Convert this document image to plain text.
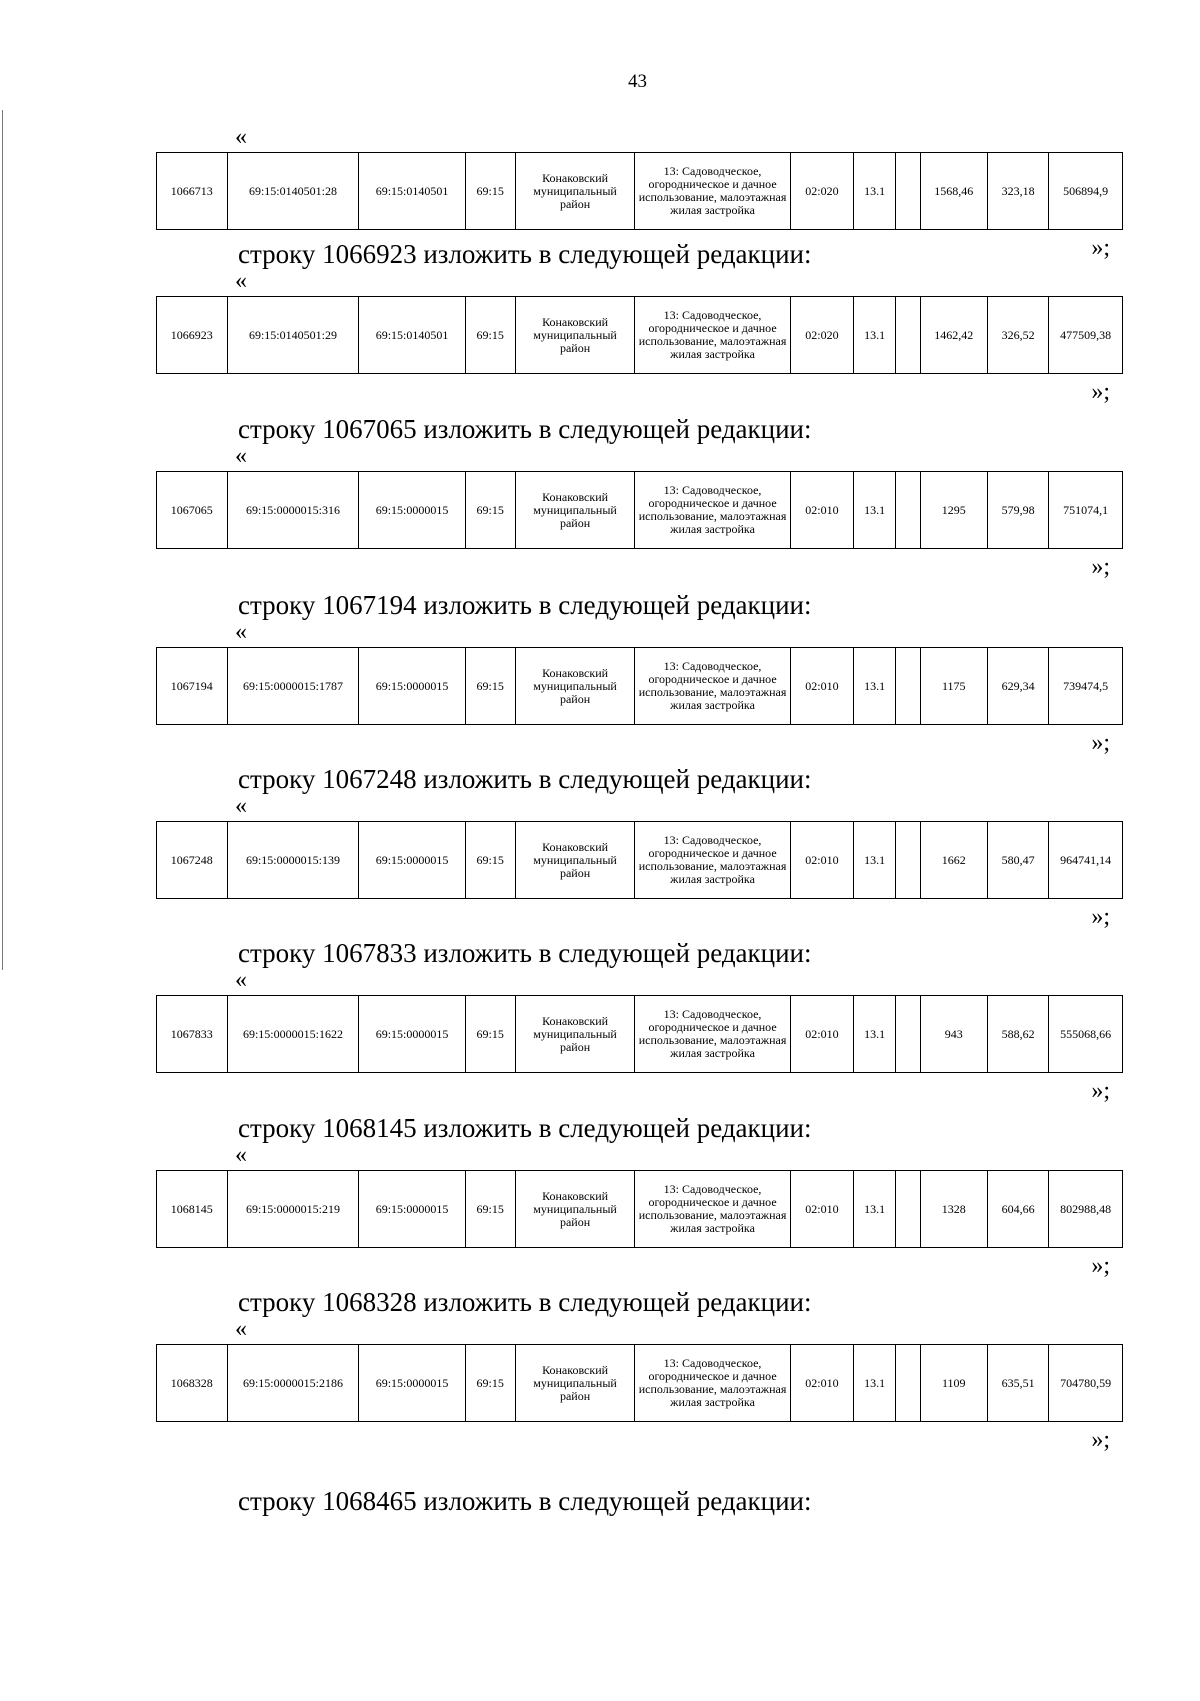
43
«
1066713	69:15:0140501:28	69:15:0140501	69:15	Конаковский муниципальный район	13: Садоводческое, огородническое и дачное использование, малоэтажная жилая застройка	02:020	13.1		1568,46	323,18	506894,9
»;
строку 1066923 изложить в следующей редакции:
«
1066923	69:15:0140501:29	69:15:0140501	69:15	Конаковский муниципальный район	13: Садоводческое, огородническое и дачное использование, малоэтажная жилая застройка	02:020	13.1		1462,42	326,52	477509,38
»;
строку 1067065 изложить в следующей редакции:
«
1067065	69:15:0000015:316	69:15:0000015	69:15	Конаковский муниципальный район	13: Садоводческое, огородническое и дачное использование, малоэтажная жилая застройка	02:010	13.1		1295	579,98	751074,1
»;
строку 1067194 изложить в следующей редакции:
«
1067194	69:15:0000015:1787	69:15:0000015	69:15	Конаковский муниципальный район	13: Садоводческое, огородническое и дачное использование, малоэтажная жилая застройка	02:010	13.1		1175	629,34	739474,5
»;
строку 1067248 изложить в следующей редакции:
«
1067248	69:15:0000015:139	69:15:0000015	69:15	Конаковский муниципальный район	13: Садоводческое, огородническое и дачное использование, малоэтажная жилая застройка	02:010	13.1		1662	580,47	964741,14
»;
строку 1067833 изложить в следующей редакции:
«
1067833	69:15:0000015:1622	69:15:0000015	69:15	Конаковский муниципальный район	13: Садоводческое, огородническое и дачное использование, малоэтажная жилая застройка	02:010	13.1		943	588,62	555068,66
»;
строку 1068145 изложить в следующей редакции:
«
1068145	69:15:0000015:219	69:15:0000015	69:15	Конаковский муниципальный район	13: Садоводческое, огородническое и дачное использование, малоэтажная жилая застройка	02:010	13.1		1328	604,66	802988,48
»;
строку 1068328 изложить в следующей редакции:
«
1068328	69:15:0000015:2186	69:15:0000015	69:15	Конаковский муниципальный район	13: Садоводческое, огородническое и дачное использование, малоэтажная жилая застройка	02:010	13.1		1109	635,51	704780,59
»;
строку 1068465 изложить в следующей редакции:
